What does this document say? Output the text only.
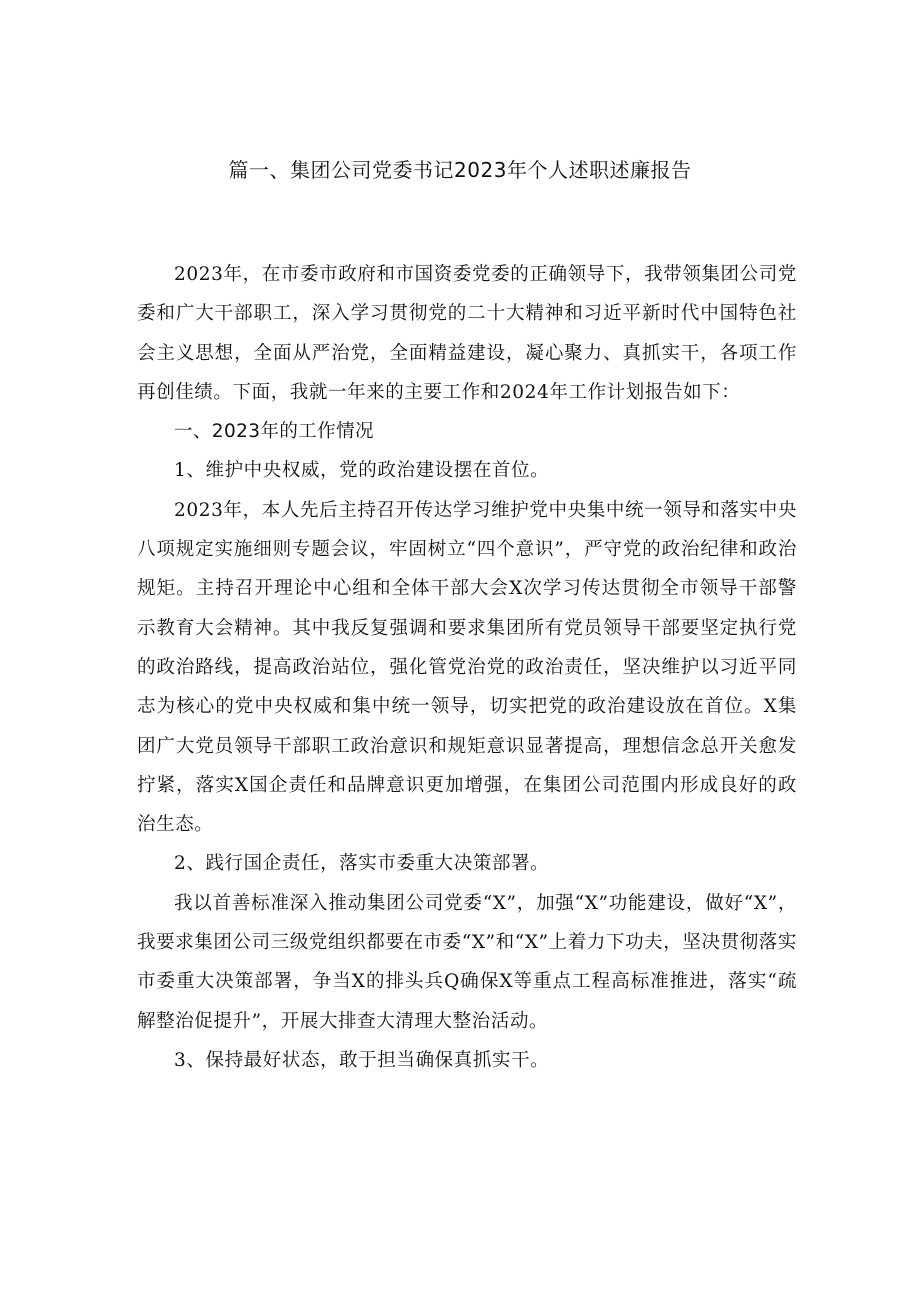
篇一、集团公司党委书记2023年个人述职述廉报告

2023年，在市委市政府和市国资委党委的正确领导下，我带领集团公司党委和广大干部职工，深入学习贯彻党的二十大精神和习近平新时代中国特色社会主义思想，全面从严治党，全面精益建设，凝心聚力、真抓实干，各项工作再创佳绩。下面，我就一年来的主要工作和2024年工作计划报告如下：

一、2023年的工作情况

1、维护中央权威，党的政治建设摆在首位。

2023年，本人先后主持召开传达学习维护党中央集中统一领导和落实中央八项规定实施细则专题会议，牢固树立“四个意识”，严守党的政治纪律和政治规矩。主持召开理论中心组和全体干部大会X次学习传达贯彻全市领导干部警示教育大会精神。其中我反复强调和要求集团所有党员领导干部要坚定执行党的政治路线，提高政治站位，强化管党治党的政治责任，坚决维护以习近平同志为核心的党中央权威和集中统一领导，切实把党的政治建设放在首位。X集团广大党员领导干部职工政治意识和规矩意识显著提高，理想信念总开关愈发拧紧，落实X国企责任和品牌意识更加增强，在集团公司范围内形成良好的政治生态。

2、践行国企责任，落实市委重大决策部署。

我以首善标准深入推动集团公司党委“X”，加强“X”功能建设，做好“X”，我要求集团公司三级党组织都要在市委“X”和“X”上着力下功夫，坚决贯彻落实市委重大决策部署，争当X的排头兵Q确保X等重点工程高标准推进，落实“疏解整治促提升”，开展大排查大清理大整治活动。

3、保持最好状态，敢于担当确保真抓实干。
